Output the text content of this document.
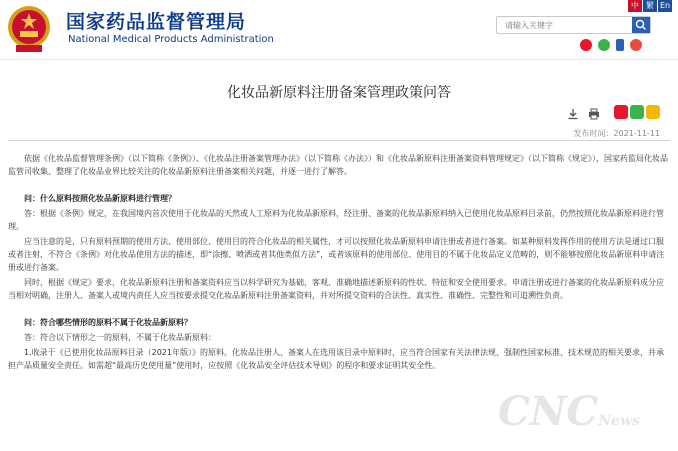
国家药品监督管理局
National Medical Products Administration
中 繁 En
请输入关键字
化妆品新原料注册备案管理政策问答
发布时间：2021-11-11
依据《化妆品监督管理条例》（以下简称《条例》）、《化妆品注册备案管理办法》（以下简称《办法》）和《化妆品新原料注册备案资料管理规定》（以下简称《规定》），国家药监局化妆品监管司收集、整理了化妆品业界比较关注的化妆品新原料注册备案相关问题，并逐一进行了解答。
问：什么原料按照化妆品新原料进行管理？
答：根据《条例》规定，在我国境内首次使用于化妆品的天然或人工原料为化妆品新原料，经注册、备案的化妆品新原料纳入已使用化妆品原料目录前，仍然按照化妆品新原料进行管理。
应当注意的是，只有原料预期的使用方法、使用部位、使用目的符合化妆品的相关属性，才可以按照化妆品新原料申请注册或者进行备案。如某种原料发挥作用的使用方法是通过口服或者注射，不符合《条例》对化妆品使用方法的描述，即“涂擦、喷洒或者其他类似方法”，或者该原料的使用部位、使用目的不属于化妆品定义范畴的，则不能够按照化妆品新原料申请注册或进行备案。
同时，根据《规定》要求，化妆品新原料注册和备案资料应当以科学研究为基础，客观、准确地描述新原料的性状、特征和安全使用要求。申请注册或进行备案的化妆品新原料成分应当相对明确，注册人、备案人或境内责任人应当按要求提交化妆品新原料注册备案资料，并对所提交资料的合法性、真实性、准确性、完整性和可追溯性负责。
问：符合哪些情形的原料不属于化妆品新原料？
答：符合以下情形之一的原料，不属于化妆品新原料：
1.收录于《已使用化妆品原料目录（2021年版）》的原料。化妆品注册人、备案人在选用该目录中原料时，应当符合国家有关法律法规、强制性国家标准、技术规范的相关要求，并承担产品质量安全责任。如需超“最高历史使用量”使用时，应按照《化妆品安全评估技术导则》的程序和要求证明其安全性。
CNCNews
